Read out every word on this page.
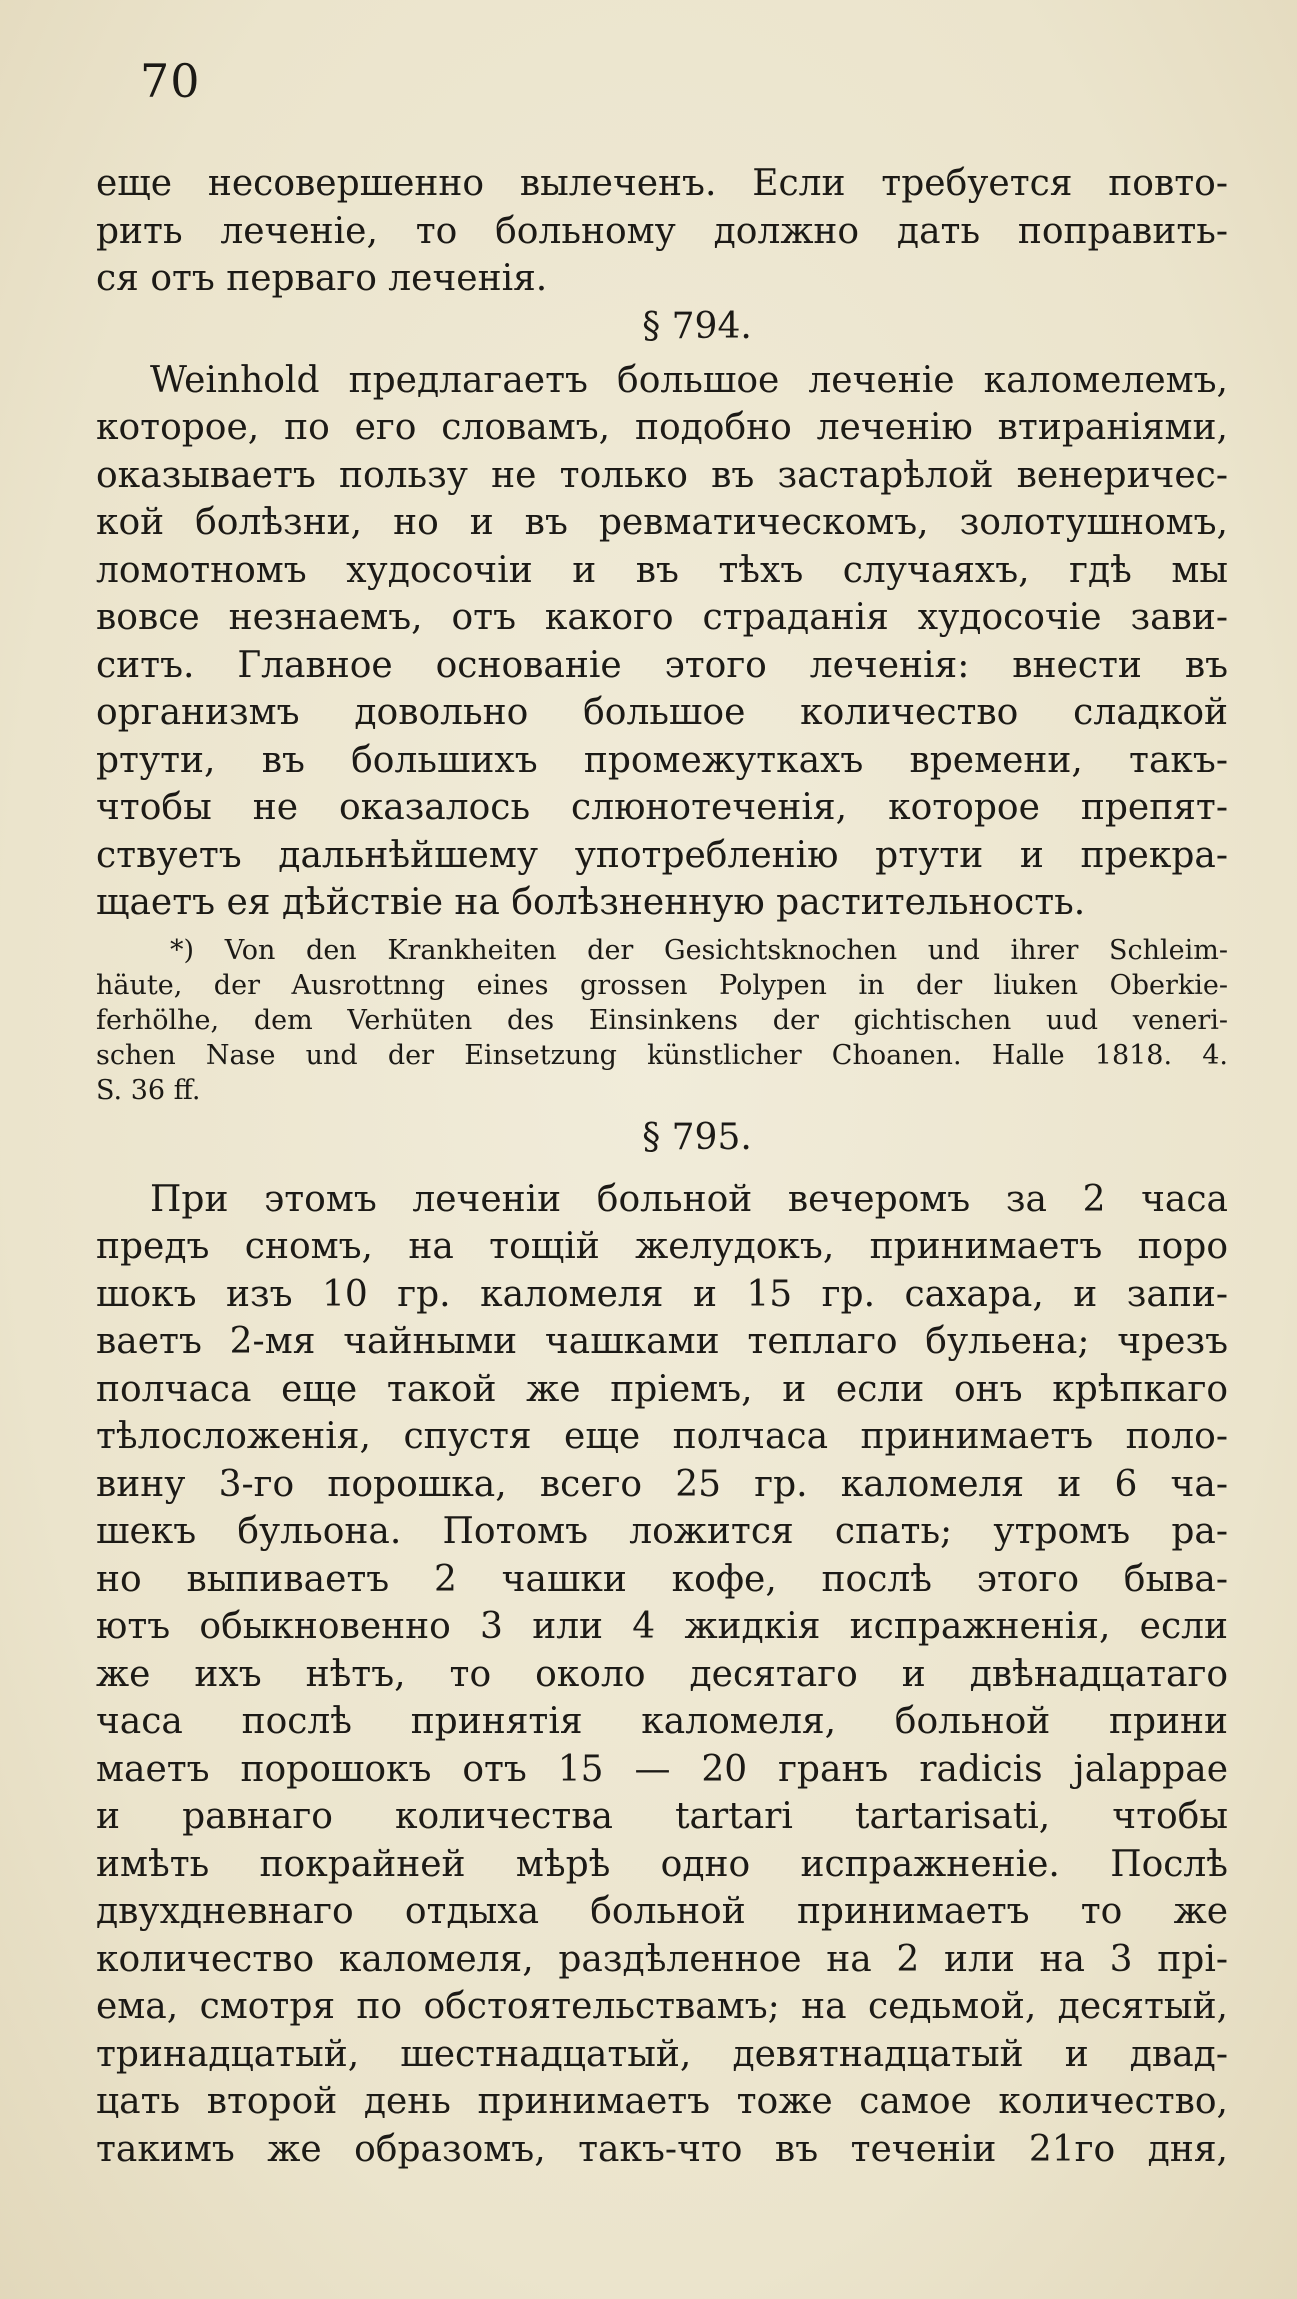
70
еще несовершенно вылеченъ. Если требуется повто-
рить леченіе, то больному должно дать поправить-
ся отъ перваго леченія.
§ 794.
Weinhold предлагаетъ большое леченіе каломелемъ,
которое, по его словамъ, подобно леченію втираніями,
оказываетъ пользу не только въ застарѣлой венеричес-
кой болѣзни, но и въ ревматическомъ, золотушномъ,
ломотномъ худосочіи и въ тѣхъ случаяхъ, гдѣ мы
вовсе незнаемъ, отъ какого страданія худосочіе зави-
ситъ. Главное основаніе этого леченія: внести въ
организмъ довольно большое количество сладкой
ртути, въ большихъ промежуткахъ времени, такъ-
чтобы не оказалось слюнотеченія, которое препят-
ствуетъ дальнѣйшему употребленію ртути и прекра-
щаетъ ея дѣйствіе на болѣзненную растительность.
*) Von den Krankheiten der Gesichtsknochen und ihrer Schleim-
häute, der Ausrottnng eines grossen Polypen in der liuken Oberkie-
ferhölhe, dem Verhüten des Einsinkens der gichtischen uud veneri-
schen Nase und der Einsetzung künstlicher Choanen. Halle 1818. 4.
S. 36 ff.
§ 795.
При этомъ леченіи больной вечеромъ за 2 часа
предъ сномъ, на тощій желудокъ, принимаетъ поро
шокъ изъ 10 гр. каломеля и 15 гр. сахара, и запи-
ваетъ 2-мя чайными чашками теплаго бульена; чрезъ
полчаса еще такой же пріемъ, и если онъ крѣпкаго
тѣлосложенія, спустя еще полчаса принимаетъ поло-
вину 3-го порошка, всего 25 гр. каломеля и 6 ча-
шекъ бульона. Потомъ ложится спать; утромъ ра-
но выпиваетъ 2 чашки кофе, послѣ этого быва-
ютъ обыкновенно 3 или 4 жидкія испражненія, если
же ихъ нѣтъ, то около десятаго и двѣнадцатаго
часа послѣ принятія каломеля, больной прини
маетъ порошокъ отъ 15 — 20 гранъ radicis jalappae
и равнаго количества tartari tartarisati, чтобы
имѣть покрайней мѣрѣ одно испражненіе. Послѣ
двухдневнаго отдыха больной принимаетъ то же
количество каломеля, раздѣленное на 2 или на 3 прі-
ема, смотря по обстоятельствамъ; на седьмой, десятый,
тринадцатый, шестнадцатый, девятнадцатый и двад-
цать второй день принимаетъ тоже самое количество,
такимъ же образомъ, такъ-что въ теченіи 21го дня,
